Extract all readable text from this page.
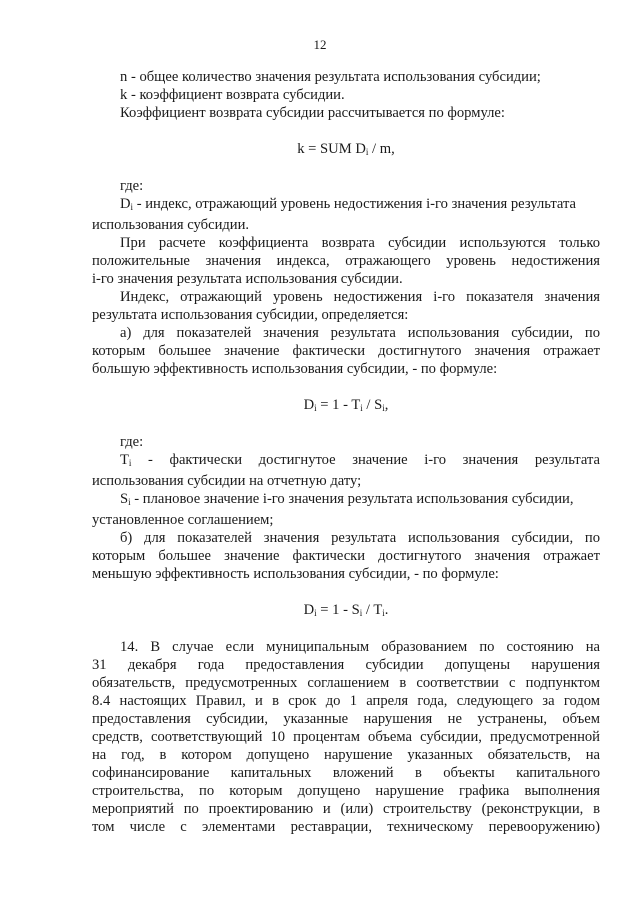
12
n - общее количество значения результата использования субсидии;
k - коэффициент возврата субсидии.
Коэффициент возврата субсидии рассчитывается по формуле:
k = SUM $D_i$ / m,
где:
$D_i$ - индекс, отражающий уровень недостижения i-го значения результата
использования субсидии.
При расчете коэффициента возврата субсидии используются только
положительные значения индекса, отражающего уровень недостижения
i-го значения результата использования субсидии.
Индекс, отражающий уровень недостижения i-го показателя значения
результата использования субсидии, определяется:
а) для показателей значения результата использования субсидии, по
которым большее значение фактически достигнутого значения отражает
большую эффективность использования субсидии, - по формуле:
$D_i = 1 - T_i / S_i$,
где:
$T_i$ - фактически достигнутое значение i-го значения результата
использования субсидии на отчетную дату;
$S_i$ - плановое значение i-го значения результата использования субсидии,
установленное соглашением;
б) для показателей значения результата использования субсидии, по
которым большее значение фактически достигнутого значения отражает
меньшую эффективность использования субсидии, - по формуле:
$D_i = 1 - S_i / T_i$.
14. В случае если муниципальным образованием по состоянию на
31 декабря года предоставления субсидии допущены нарушения
обязательств, предусмотренных соглашением в соответствии с подпунктом
8.4 настоящих Правил, и в срок до 1 апреля года, следующего за годом
предоставления субсидии, указанные нарушения не устранены, объем
средств, соответствующий 10 процентам объема субсидии, предусмотренной
на год, в котором допущено нарушение указанных обязательств, на
софинансирование капитальных вложений в объекты капитального
строительства, по которым допущено нарушение графика выполнения
мероприятий по проектированию и (или) строительству (реконструкции, в
том числе с элементами реставрации, техническому перевооружению)
